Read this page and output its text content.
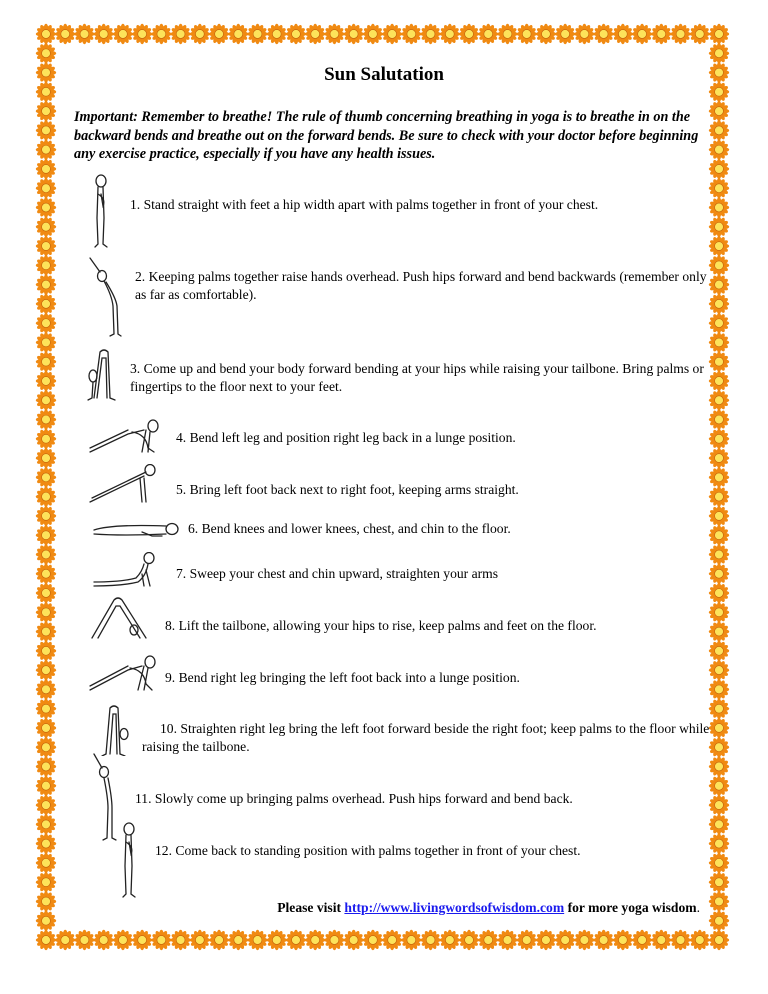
Sun Salutation

Important: Remember to breathe! The rule of thumb concerning breathing in yoga is to breathe in on the backward bends and breathe out on the forward bends. Be sure to check with your doctor before beginning any exercise practice, especially if you have any health issues.

1. Stand straight with feet a hip width apart with palms together in front of your chest.

2. Keeping palms together raise hands overhead. Push hips forward and bend backwards (remember only as far as comfortable).

3. Come up and bend your body forward bending at your hips while raising your tailbone. Bring palms or fingertips to the floor next to your feet.

4. Bend left leg and position right leg back in a lunge position.

5. Bring left foot back next to right foot, keeping arms straight.

6. Bend knees and lower knees, chest, and chin to the floor.

7. Sweep your chest and chin upward, straighten your arms

8. Lift the tailbone, allowing your hips to rise, keep palms and feet on the floor.

9. Bend right leg bringing the left foot back into a lunge position.

10. Straighten right leg bring the left foot forward beside the right foot; keep palms to the floor while raising the tailbone.

11. Slowly come up bringing palms overhead. Push hips forward and bend back.

12. Come back to standing position with palms together in front of your chest.

Please visit http://www.livingwordsofwisdom.com for more yoga wisdom.
